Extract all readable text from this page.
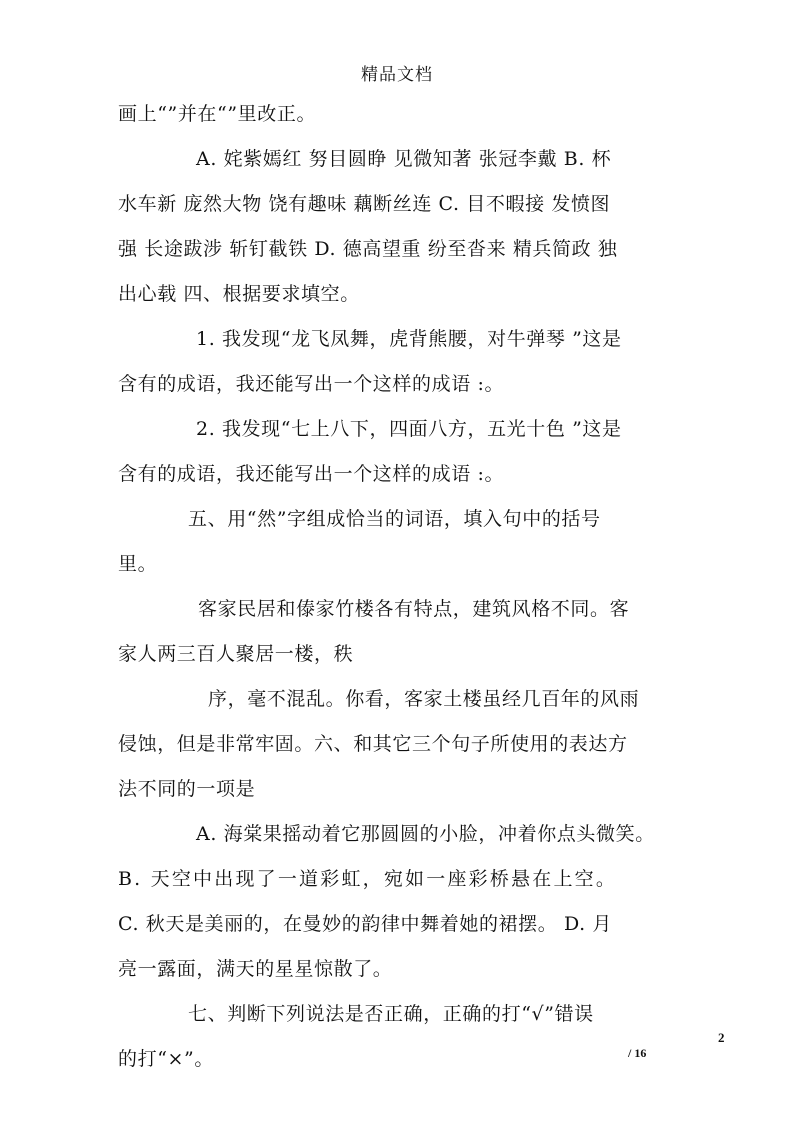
精品文档
画上“”并在“”里改正。
A. 姹紫嫣红 努目圆睁 见微知著 张冠李戴 B. 杯
水车新 庞然大物 饶有趣味 藕断丝连 C. 目不暇接 发愤图
强 长途跋涉 斩钉截铁 D. 德高望重 纷至沓来 精兵简政 独
出心载 四、根据要求填空。
1. 我发现“龙飞凤舞，虎背熊腰，对牛弹琴 ”这是
含有的成语，我还能写出一个这样的成语 :。
2. 我发现“七上八下，四面八方，五光十色 ”这是
含有的成语，我还能写出一个这样的成语 :。
五、用“然”字组成恰当的词语，填入句中的括号
里。
客家民居和傣家竹楼各有特点，建筑风格不同。客
家人两三百人聚居一楼，秩
序，毫不混乱。你看，客家土楼虽经几百年的风雨
侵蚀，但是非常牢固。六、和其它三个句子所使用的表达方
法不同的一项是
A. 海棠果摇动着它那圆圆的小脸，冲着你点头微笑。
B. 天空中出现了一道彩虹，宛如一座彩桥悬在上空。
C. 秋天是美丽的，在曼妙的韵律中舞着她的裙摆。 D. 月
亮一露面，满天的星星惊散了。
七、判断下列说法是否正确，正确的打“√”错误
的打“×”。
2
/ 16
